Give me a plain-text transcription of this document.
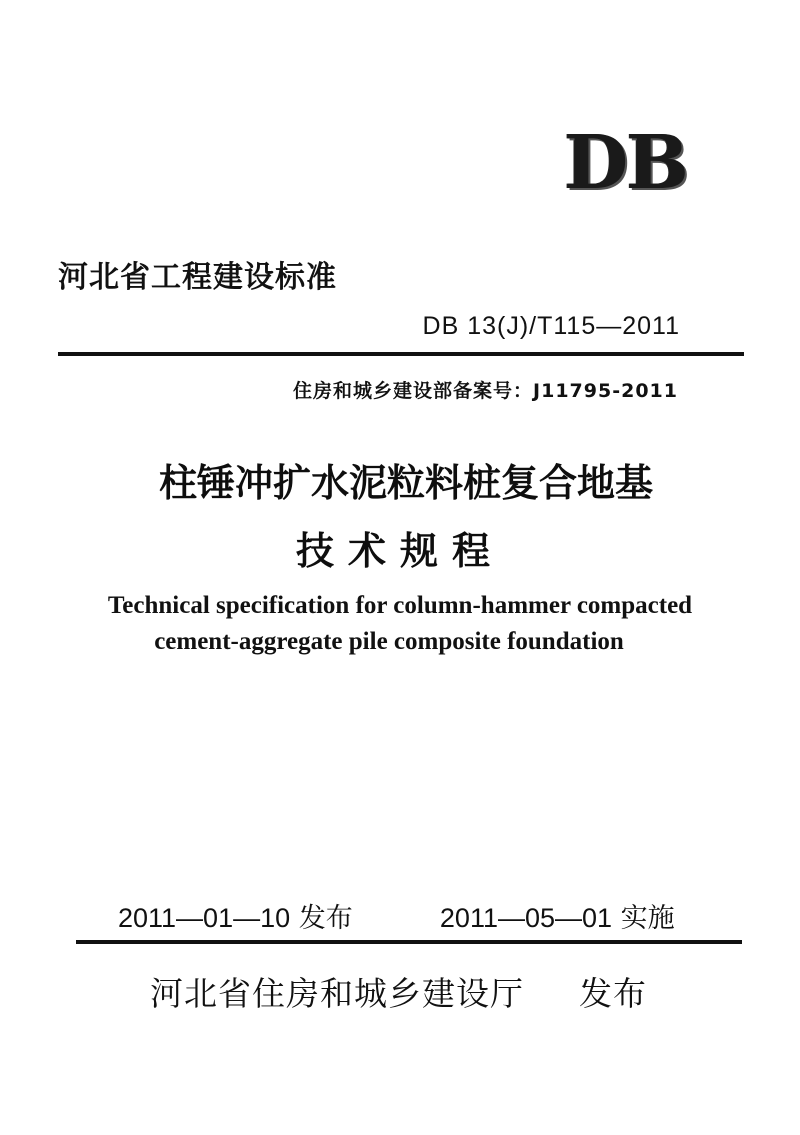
DB
河北省工程建设标准
DB 13(J)/T115—2011
住房和城乡建设部备案号：J11795-2011
柱锤冲扩水泥粒料桩复合地基
技术规程
Technical specification for column-hammer compacted
cement-aggregate pile composite foundation
2011—01—10 发布	2011—05—01 实施
河北省住房和城乡建设厅 发布
